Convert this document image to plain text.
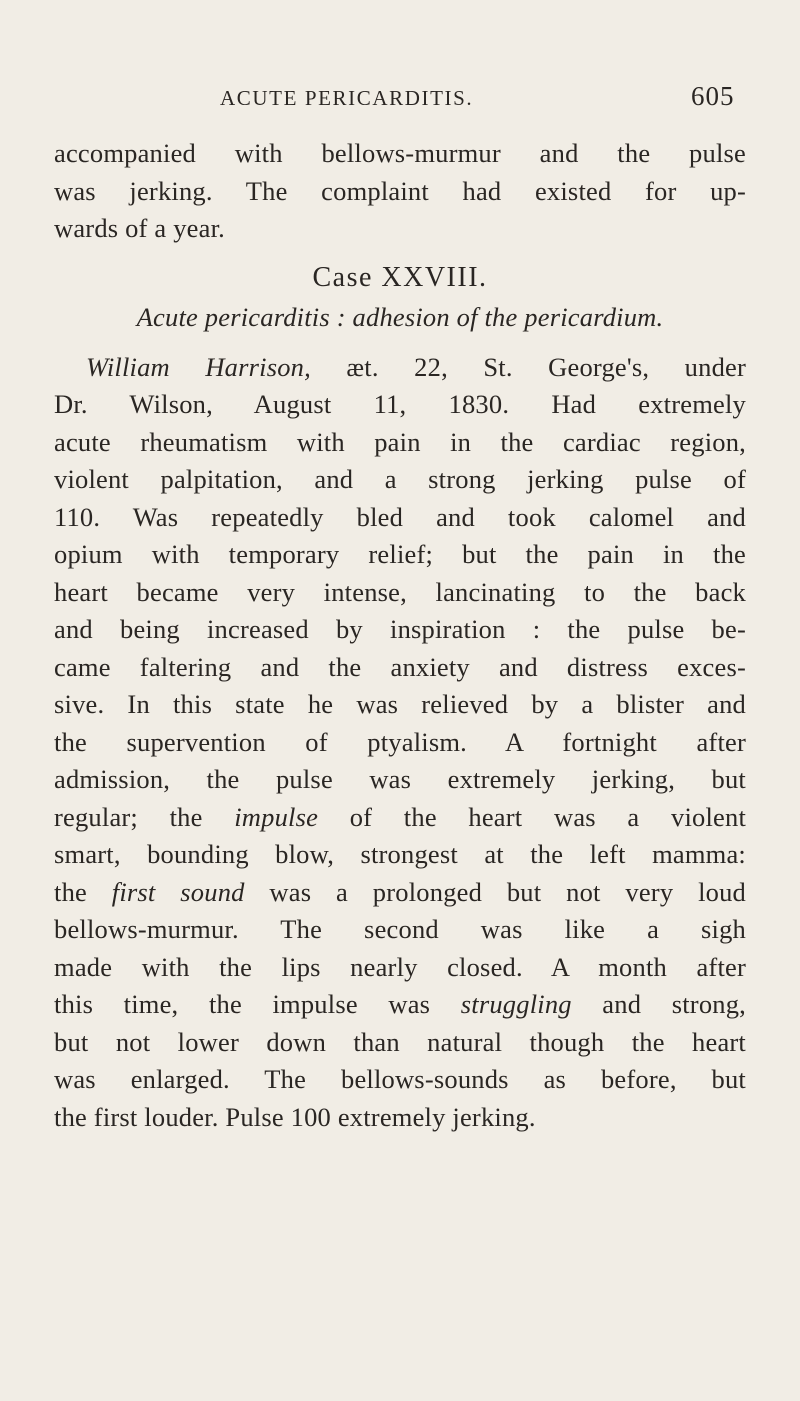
ACUTE PERICARDITIS.	605
accompanied with bellows-murmur and the pulse
was jerking. The complaint had existed for up-
wards of a year.
Case XXVIII.
Acute pericarditis : adhesion of the pericardium.
William Harrison, æt. 22, St. George's, under
Dr. Wilson, August 11, 1830. Had extremely
acute rheumatism with pain in the cardiac region,
violent palpitation, and a strong jerking pulse of
110. Was repeatedly bled and took calomel and
opium with temporary relief; but the pain in the
heart became very intense, lancinating to the back
and being increased by inspiration : the pulse be-
came faltering and the anxiety and distress exces-
sive. In this state he was relieved by a blister and
the supervention of ptyalism. A fortnight after
admission, the pulse was extremely jerking, but
regular; the impulse of the heart was a violent
smart, bounding blow, strongest at the left mamma:
the first sound was a prolonged but not very loud
bellows-murmur. The second was like a sigh
made with the lips nearly closed. A month after
this time, the impulse was struggling and strong,
but not lower down than natural though the heart
was enlarged. The bellows-sounds as before, but
the first louder. Pulse 100 extremely jerking.
